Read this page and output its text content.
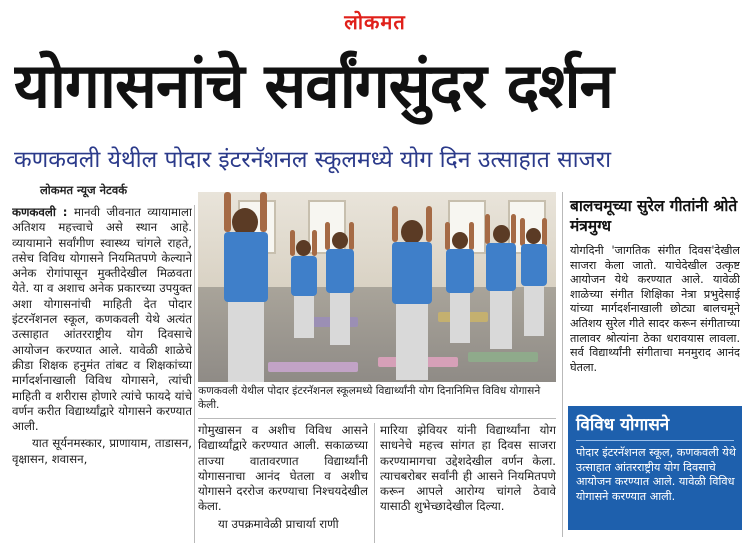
लोकमत
योगासनांचे सर्वांगसुंदर दर्शन
कणकवली येथील पोदार इंटरनॅशनल स्कूलमध्ये योग दिन उत्साहात साजरा
लोकमत न्यूज नेटवर्क
कणकवली : मानवी जीवनात व्यायामाला अतिशय महत्त्वाचे असे स्थान आहे. व्यायामाने सर्वांगीण स्वास्थ्य चांगले राहते, तसेच विविध योगासने नियमितपणे केल्याने अनेक रोगांपासून मुक्तीदेखील मिळवता येते. या व अशाच अनेक प्रकारच्या उपयुक्त अशा योगासनांची माहिती देत पोदार इंटरनॅशनल स्कूल, कणकवली येथे अत्यंत उत्साहात आंतरराष्ट्रीय योग दिवसाचे आयोजन करण्यात आले. यावेळी शाळेचे क्रीडा शिक्षक हनुमंत तांबट व शिक्षकांच्या मार्गदर्शनाखाली विविध योगासने, त्यांची माहिती व शरीरास होणारे त्यांचे फायदे यांचे वर्णन करीत विद्यार्थ्यांद्वारे योगासने करण्यात आली.
यात सूर्यनमस्कार, प्राणायाम, ताडासन, वृक्षासन, शवासन,
कणकवली येथील पोदार इंटरनॅशनल स्कूलमध्ये विद्यार्थ्यांनी योग दिनानिमित्त विविध योगासने केली.
गोमुखासन व अशीच विविध आसने विद्यार्थ्यांद्वारे करण्यात आली. सकाळच्या ताज्या वातावरणात विद्यार्थ्यांनी योगासनाचा आनंद घेतला व अशीच योगासने दररोज करण्याचा निश्चयदेखील केला.
या उपक्रमावेळी प्राचार्या राणी
मारिया झेवियर यांनी विद्यार्थ्यांना योग साधनेचे महत्त्व सांगत हा दिवस साजरा करण्यामागचा उद्देशदेखील वर्णन केला. त्याचबरोबर सर्वांनी ही आसने नियमितपणे करून आपले आरोग्य चांगले ठेवावे यासाठी शुभेच्छादेखील दिल्या.
बालचमूच्या सुरेल गीतांनी श्रोते मंत्रमुग्ध
योगदिनी 'जागतिक संगीत दिवस'देखील साजरा केला जातो. याचेदेखील उत्कृष्ट आयोजन येथे करण्यात आले. यावेळी शाळेच्या संगीत शिक्षिका नेत्रा प्रभुदेसाई यांच्या मार्गदर्शनाखाली छोट्या बालचमूने अतिशय सुरेल गीते सादर करून संगीताच्या तालावर श्रोत्यांना ठेका धरावयास लावला. सर्व विद्यार्थ्यांनी संगीताचा मनमुराद आनंद घेतला.
विविध योगासने
पोदार इंटरनॅशनल स्कूल, कणकवली येथे उत्साहात आंतरराष्ट्रीय योग दिवसाचे आयोजन करण्यात आले. यावेळी विविध योगासने करण्यात आली.
